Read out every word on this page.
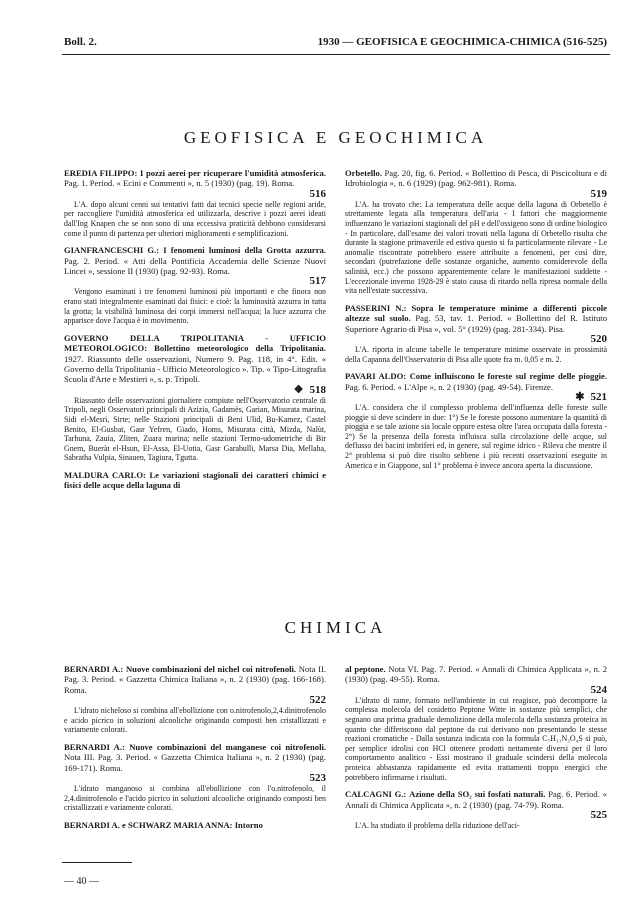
Boll. 2.	1930 — GEOFISICA E GEOCHIMICA-CHIMICA (516-525)
GEOFISICA E GEOCHIMICA
EREDIA FILIPPO: I pozzi aerei per ricuperare l'umidità atmosferica. Pag. 1. Period. « Ecini e Commenti », n. 5 (1930) (pag. 19). Roma.
516
L'A. dopo alcuni cenni sui tentativi fatti dai tecnici specie nelle regioni aride, per raccogliere l'umidità atmosferica ed utilizzarla, descrive i pozzi aerei ideati dall'Ing Knapen che se non sono di una eccessiva praticità debbono considerarsi come il punto di partenza per ulteriori miglioramenti e semplificazioni.
GIANFRANCESCHI G.: I fenomeni luminosi della Grotta azzurra. Pag. 2. Period. « Atti della Pontificia Accademia delle Scienze Nuovi Lincei », sessione II (1930) (pag. 92-93). Roma.
517
Vengono esaminati i tre fenomeni luminosi più importanti e che finora non erano stati integralmente esaminati dai fisici: e cioè: la luminosità azzurra in tutta la grotta; la visibilità luminosa dei corpi immersi nell'acqua; la luce azzurra che apparisce dove l'acqua è in movimento.
GOVERNO DELLA TRIPOLITANIA - UFFICIO METEOROLOGICO: Bollettino meteorologico della Tripolitania. 1927. Riassunto delle osservazioni, Numero 9. Pag. 118, in 4°. Edit. « Governo della Tripolitania - Ufficio Meteorologico ». Tip. « Tipo-Litografia Scuola d'Arte e Mestieri », s. p. Tripoli.
❖ 518
Riassunto delle osservazioni giornaliere compiute nell'Osservatorio centrale di Tripoli, negli Osservatori principali di Azizia, Gadamès, Garian, Misurata marina, Sidi el-Mesri, Sirte; nelle Stazioni principali di Beni Ulid, Bu-Kamez, Castel Benito, El-Gusbat, Gasr Yefren, Giado, Homs, Misurata città, Mizda, Nalùt, Tarhuna, Zauia, Zliten, Zuara marina; nelle stazioni Termo-udometriche di Bir Gnem, Bueràt el-Hsun, El-Assa, El-Uotia, Gasr Garabulli, Marsa Dia, Mellaha, Sabratha Vulpia, Sinauen, Tagiura, Tgutta.
MALDURA CARLO: Le variazioni stagionali dei caratteri chimici e fisici delle acque della laguna di
Orbetello. Pag. 20, fig. 6. Period. « Bollettino di Pesca, di Piscicoltura e di Idrobiologia », n. 6 (1929) (pag. 962-981). Roma.
519
L'A. ha trovato che: La temperatura delle acque della laguna di Orbetello è strettamente legata alla temperatura dell'aria - I fattori che maggiormente influenzano le variazioni stagionali del pH e dell'ossigeno sono di ordine biologico - In particolare, dall'esame dei valori trovati nella laguna di Orbetello risulta che durante la stagione primaverile ed estiva questo si fa particolarmente rilevare - Le anomalie riscontrate potrebbero essere attribuite a fenomeni, per così dire, secondari (putrefazione delle sostanze organiche, aumento considerevole della salinità, ecc.) che possono apparentemente celare le manifestazioni suddette - L'eccezionale inverno 1928-29 è stato causa di ritardo nella ripresa normale della vita nell'estate successiva.
PASSERINI N.: Sopra le temperature minime a differenti piccole altezze sul suolo. Pag. 53, tav. 1. Period. « Bollettino del R. Istituto Superiore Agrario di Pisa », vol. 5° (1929) (pag. 281-334). Pisa.
520
L'A. riporta in alcune tabelle le temperature minime osservate in prossimità della Capanna dell'Osservatorio di Pisa alle quote fra m. 0,05 e m. 2.
PAVARI ALDO: Come influiscono le foreste sul regime delle pioggie. Pag. 6. Period. « L'Alpe », n. 2 (1930) (pag. 49-54). Firenze.
✱ 521
L'A. considera che il complesso problema dell'influenza delle foreste sulle pioggie si deve scindere in due: 1°) Se le foreste possono aumentare la quantità di pioggia e se tale azione sia locale oppure estesa oltre l'area occupata dalla foresta - 2°) Se la presenza della foresta influisca sulla circolazione delle acque, sul deflusso dei bacini imbriferi ed, in genere, sul regime idrico - Rileva che mentre il 2° problema si può dire risolto sebbene i più recenti osservazioni eseguite in America e in Giappone, sul 1° problema è invece ancora aperta la discussione.
CHIMICA
BERNARDI A.: Nuove combinazioni del nichel coi nitrofenoli. Nota II. Pag. 3. Period. « Gazzetta Chimica Italiana », n. 2 (1930) (pag. 166-168). Roma.
522
L'idrato nicheloso si combina all'ebollizione con o.nitrofenolo,2,4.dinitrofenolo e acido picrico in soluzioni alcooliche originando composti ben cristallizzati e variamente colorati.
BERNARDI A.: Nuove combinazioni del manganese coi nitrofenoli. Nota III. Pag. 3. Period. « Gazzetta Chimica Italiana », n. 2 (1930) (pag. 169-171). Roma.
523
L'idrato manganoso si combina all'ebollizione con l'o.nitrofenolo, il 2,4.dinitrofenolo e l'acido picrico in soluzioni alcooliche originando composti ben cristallizzati e variamente colorati.
BERNARDI A. e SCHWARZ MARIA ANNA: Intorno
al peptone. Nota VI. Pag. 7. Period. « Annali di Chimica Applicata », n. 2 (1930) (pag. 49-55). Roma.
524
L'idrato di rame, formato nell'ambiente in cui reagisce, può decomporre la complessa molecola del cosidetto Peptone Witte in sostanze più semplici, che segnano una prima graduale demolizione della molecola della sostanza proteica in quanto che differiscono dal peptone da cui derivano non presentando le stesse reazioni cromatiche - Dalla sostanza indicata con la formula C₇H₁₁N₃O₄S si può, per semplice idrolisi con HCl ottenere prodotti nettamente diversi per il loro comportamento analitico - Essi mostrano il graduale scindersi della molecola proteica abbastanza rapidamente ed evita trattamenti troppo energici che potrebbero infirmarne i risultati.
CALCAGNI G.: Azione della SO₂ sui fosfati naturali. Pag. 6. Period. « Annali di Chimica Applicata », n. 2 (1930) (pag. 74-79). Roma.
525
L'A. ha studiato il problema della riduzione dell'aci-
— 40 —
